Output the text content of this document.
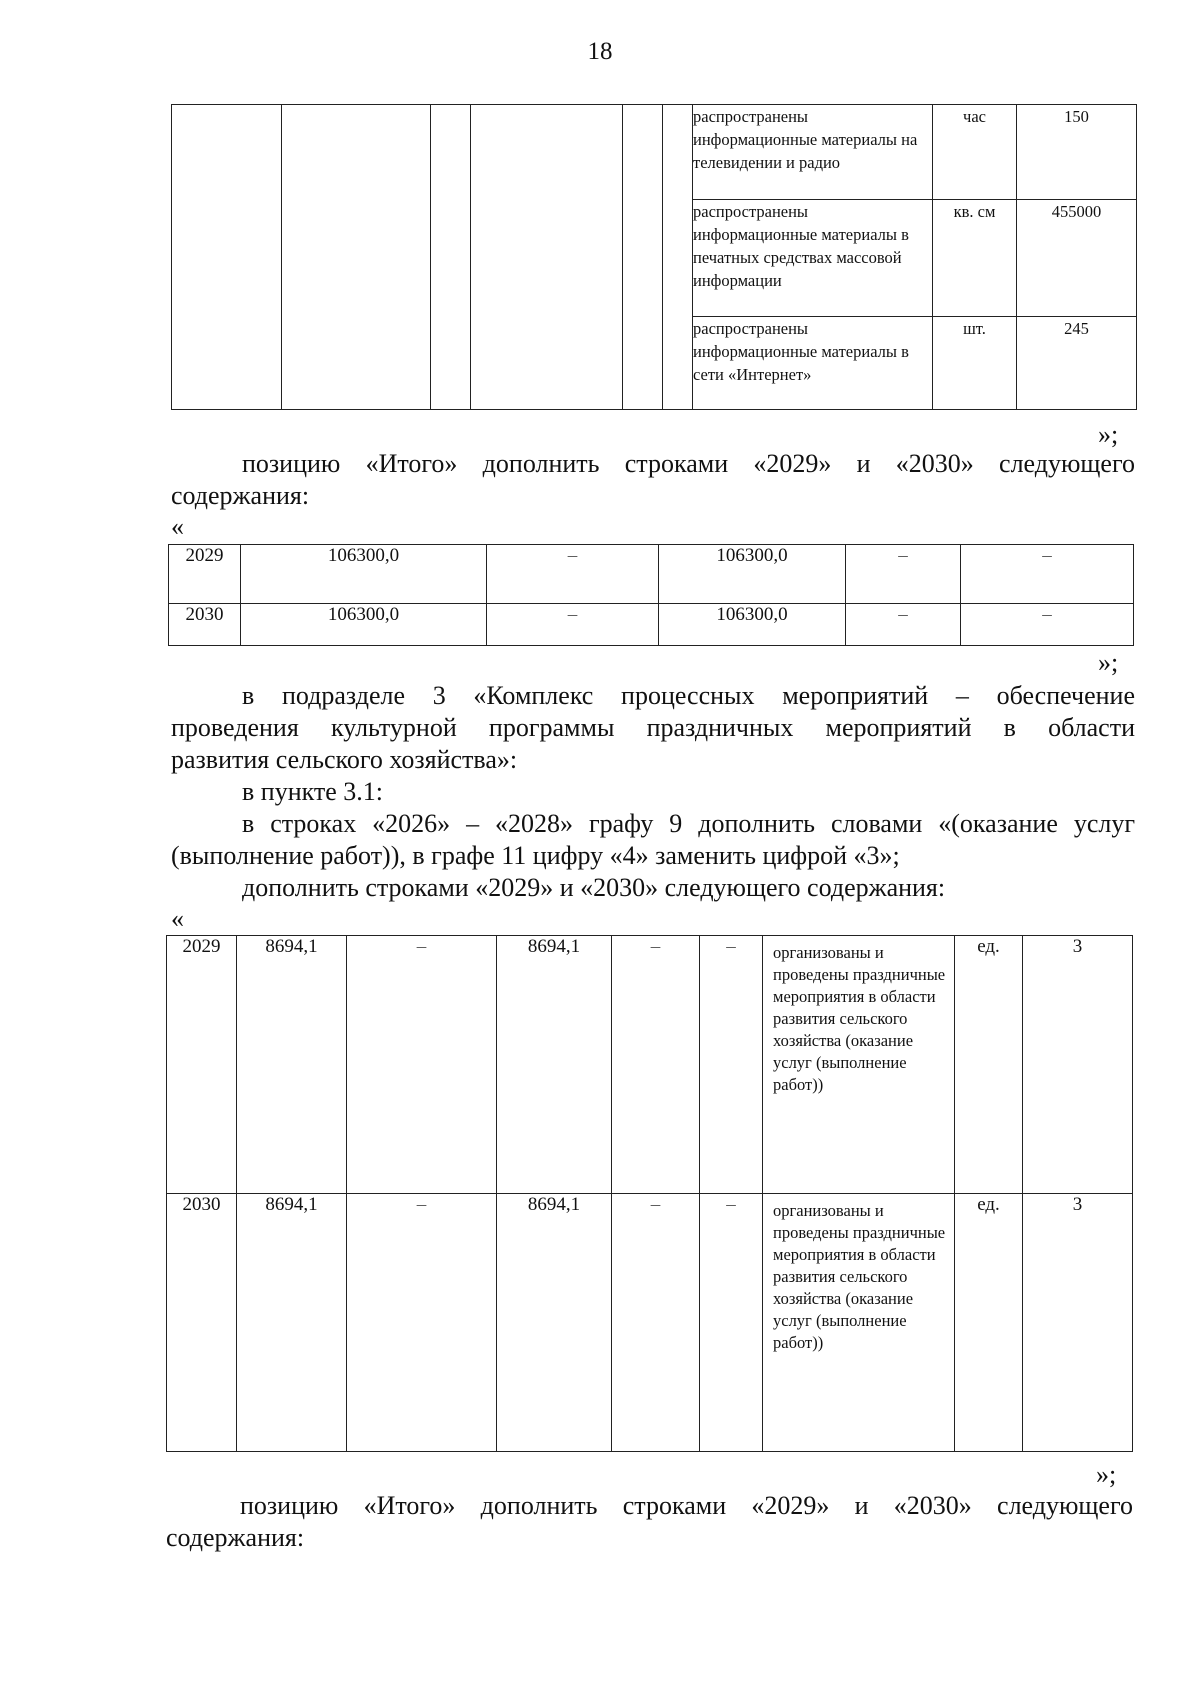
18
						распространены информационные материалы на телевидении и радио	час	150
						распространены информационные материалы в печатных средствах массовой информации	кв. см	455000
						распространены информационные материалы в сети «Интернет»	шт.	245
»;
позицию «Итого» дополнить строками «2029» и «2030» следующего
содержания:
«
2029	106300,0	–	106300,0	–	–
2030	106300,0	–	106300,0	–	–
»;
в подразделе 3 «Комплекс процессных мероприятий – обеспечение
проведения культурной программы праздничных мероприятий в области
развития сельского хозяйства»:
в пункте 3.1:
в строках «2026» – «2028» графу 9 дополнить словами «(оказание услуг
(выполнение работ)), в графе 11 цифру «4» заменить цифрой «3»;
дополнить строками «2029» и «2030» следующего содержания:
«
2029	8694,1	–	8694,1	–	–	организованы и проведены праздничные мероприятия в области развития сельского хозяйства (оказание услуг (выполнение работ))	ед.	3
2030	8694,1	–	8694,1	–	–	организованы и проведены праздничные мероприятия в области развития сельского хозяйства (оказание услуг (выполнение работ))	ед.	3
»;
позицию «Итого» дополнить строками «2029» и «2030» следующего
содержания:
